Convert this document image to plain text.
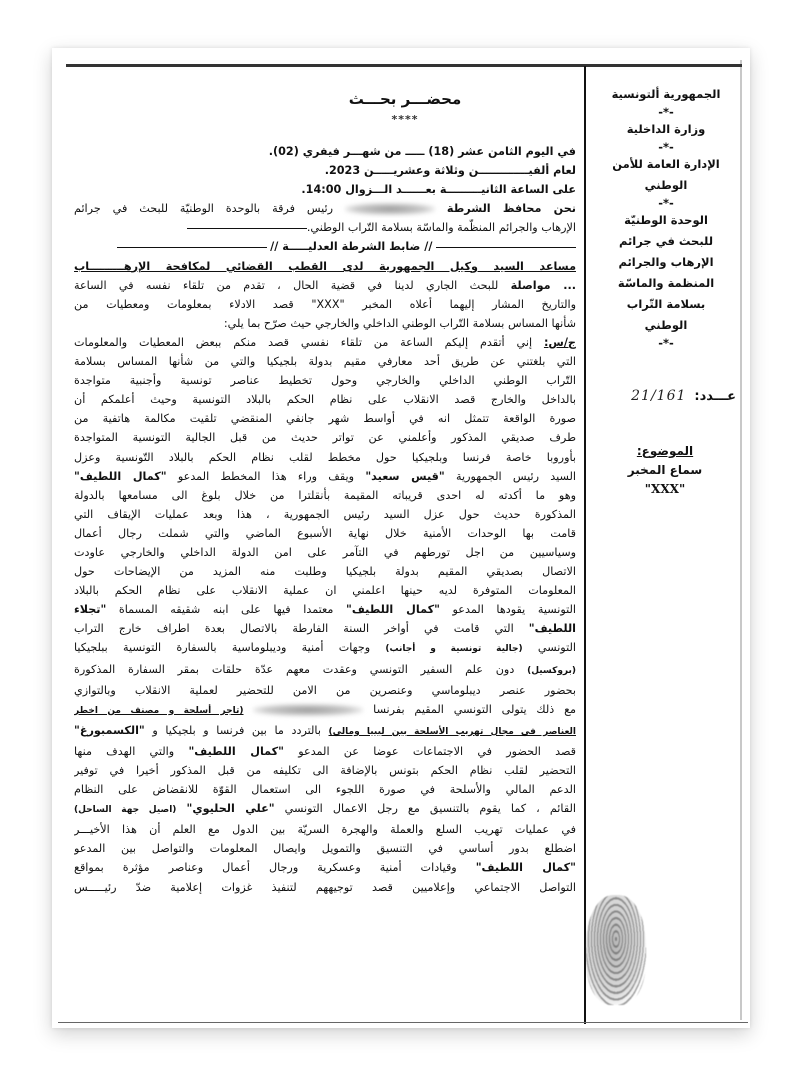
الجمهورية ألتونسية
-*-
وزارة الداخلية
-*-
الإدارة العامة للأمن
الوطني
-*-
الوحدة الوطنيّة
للبحث في جرائم
الإرهاب والجرائم
المنظمة والماسّة
بسلامة التّراب
الوطني
-*-
عـــدد:
21/161
الموضوع:
سماع المخبر
"XXX"
محضـــر بحـــث
****
في اليوم الثامن عشر (18) ـــــ من شهـــر فيفري (02).
لعام ألفيـــــــــــــن وثلاثة وعشريـــــن 2023.
على الساعة الثانيـــــــــة بعــــــد الـــزوال 14:00.
نحن محافظ الشرطة  رئيس فرقة بالوحدة الوطنيّة للبحث في جرائم
الإرهاب والجرائم المنظّمة والماسّة بسلامة التّراب الوطني.
// ضابط الشرطة العدليـــــة //
مساعد السيد وكيل الجمهورية لدى القطب القضائي لمكافحة الإرهـــــــــاب
... مواصلة للبحث الجاري لدينا في قضية الحال ، تقدم من تلقاء نفسه في الساعة
والتاريخ المشار إليهما أعلاه المخبر "XXX" قصد الادلاء بمعلومات ومعطيات من
شأنها المساس بسلامة التّراب الوطني الداخلي والخارجي حيث صرّح بما يلي:
ج/س: إني أتقدم إليكم الساعة من تلقاء نفسي قصد منكم ببعض المعطيات والمعلومات
التي بلغتني عن طريق أحد معارفي مقيم بدولة بلجيكيا والتي من شأنها المساس بسلامة
التّراب الوطني الداخلي والخارجي وحول تخطيط عناصر تونسية وأجنبية متواجدة
بالداخل والخارج قصد الانقلاب على نظام الحكم بالبلاد التونسية وحيث أعلمكم أن
صورة الواقعة تتمثل انه في أواسط شهر جانفي المنقضي تلقيت مكالمة هاتفية من
طرف صديقي المذكور وأعلمني عن تواتر حديث من قبل الجالية التونسية المتواجدة
بأوروبا خاصة فرنسا وبلجيكيا حول مخطط لقلب نظام الحكم بالبلاد التّونسية وعزل
السيد رئيس الجمهورية "قيس سعيد" ويقف وراء هذا المخطط المدعو "كمال اللطيف"
وهو ما أكدته له احدى قريباته المقيمة بأنقلترا من خلال بلوغ الى مسامعها بالدولة
المذكورة حديث حول عزل السيد رئيس الجمهورية ، هذا وبعد عمليات الإيقاف التي
قامت بها الوحدات الأمنية خلال نهاية الأسبوع الماضي والتي شملت رجال أعمال
وسياسيين من اجل تورطهم في التآمر على امن الدولة الداخلي والخارجي عاودت
الاتصال بصديقي المقيم بدولة بلجيكيا وطلبت منه المزيد من الإيضاحات حول
المعلومات المتوفرة لديه حينها اعلمني ان عملية الانقلاب على نظام الحكم بالبلاد
التونسية يقودها المدعو "كمال اللطيف" معتمدا فيها على ابنه شقيقه المسماة "تجلاء
اللطيف" التي قامت في أواخر السنة الفارطة بالاتصال بعدة اطراف خارج التراب
التونسي (جالية تونسية و أجانب) وجهات أمنية وديبلوماسية بالسفارة التونسية ببلجيكيا
(بروكسيل) دون علم السفير التونسي وعقدت معهم عدّة حلقات بمقر السفارة المذكورة
بحضور عنصر ديبلوماسي وعنصرين من الامن للتحضير لعملية الانقلاب وبالتوازي
مع ذلك يتولى التونسي المقيم بفرنسا  (تاجر أسلحة و مصنف من اخطر
العناصر في مجال تهريب الأسلحة بين ليبيا ومالي) بالتردد ما بين فرنسا و بلجيكيا و "الكسمبورغ"
قصد الحضور في الاجتماعات عوضا عن المدعو "كمال اللطيف" والتي الهدف منها
التحضير لقلب نظام الحكم بتونس بالإضافة الى تكليفه من قبل المذكور أخيرا في توفير
الدعم المالي والأسلحة في صورة اللجوء الى استعمال القوّة للانقضاض على النظام
القائم ، كما يقوم بالتنسيق مع رجل الاعمال التونسي "علي الحليوي" (اصيل جهة الساحل)
في عمليات تهريب السلع والعملة والهجرة السريّة بين الدول مع العلم أن هذا الأخيـــر
اضطلع بدور أساسي في التنسيق والتمويل وايصال المعلومات والتواصل بين المدعو
"كمال اللطيف" وقيادات أمنية وعسكرية ورجال أعمال وعناصر مؤثرة بمواقع
التواصل الاجتماعي وإعلاميين قصد توجيههم لتنفيذ غزوات إعلامية ضدّ رئيـــــس
